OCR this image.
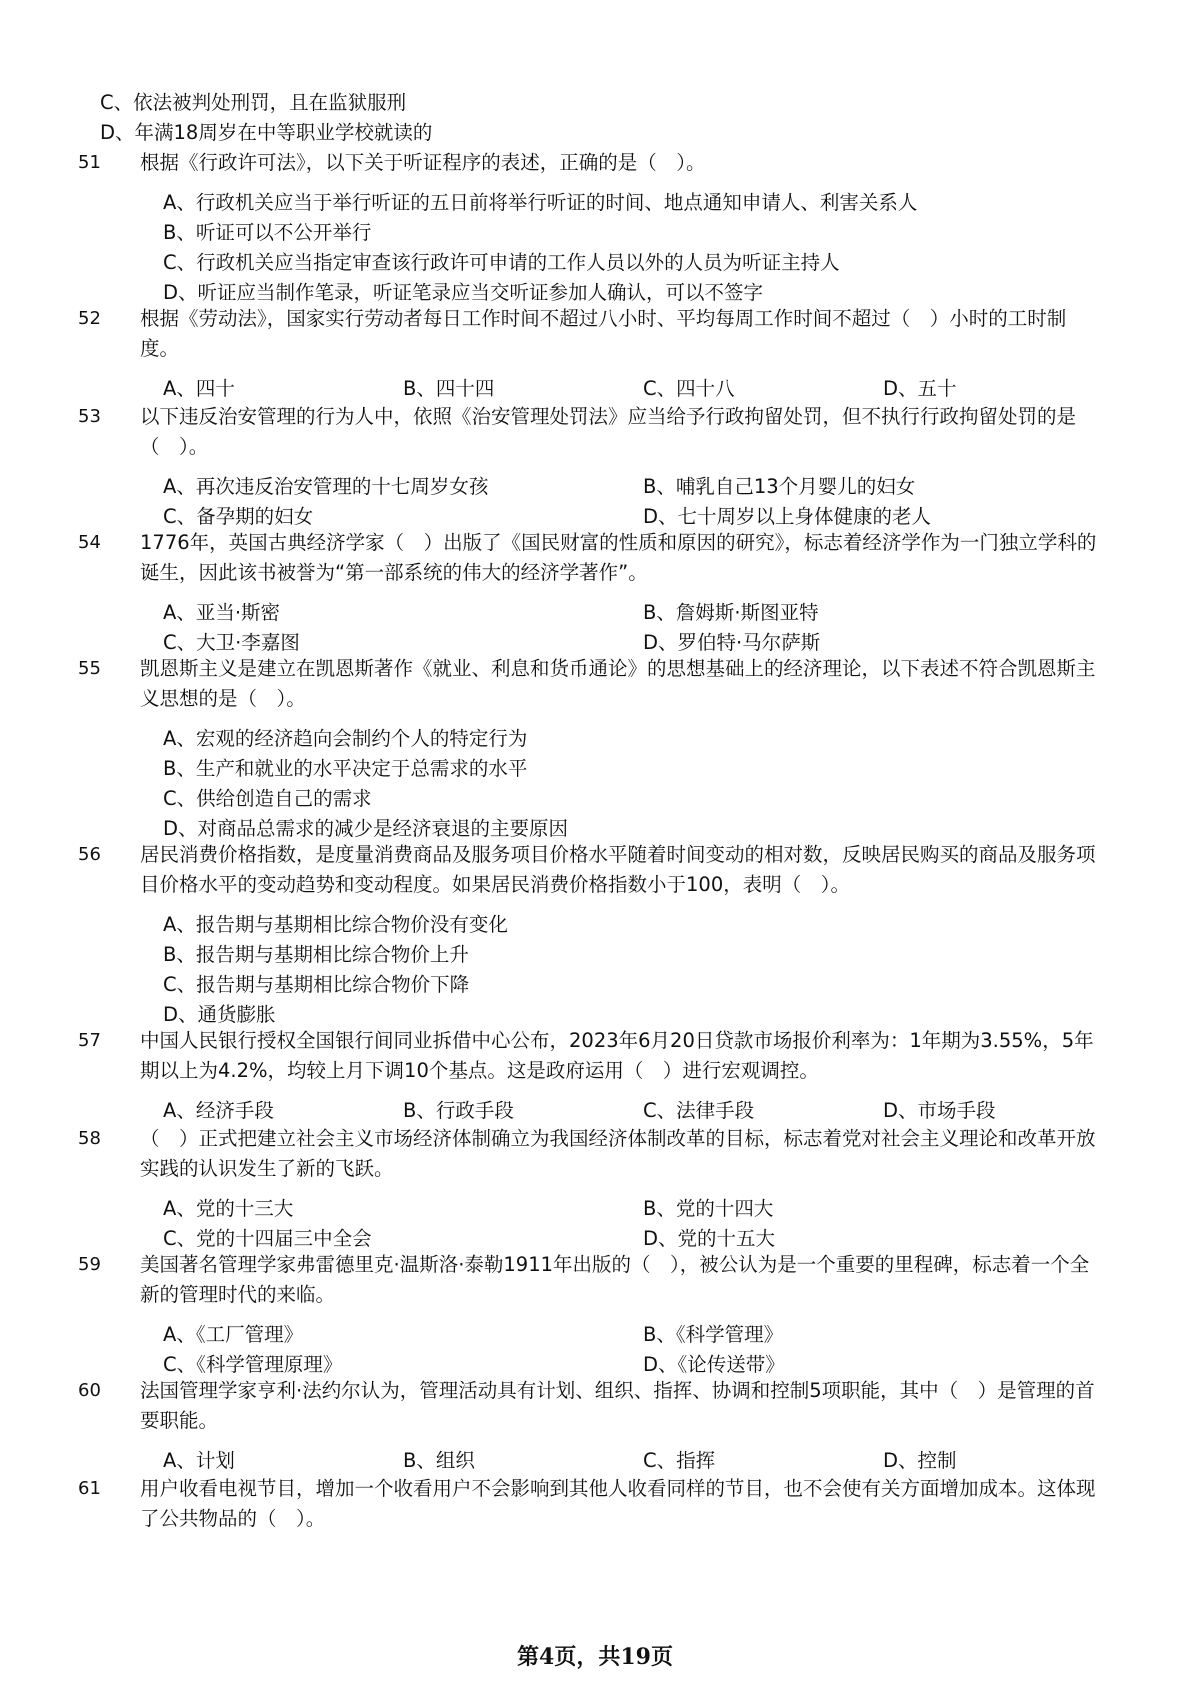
C、依法被判处刑罚，且在监狱服刑
D、年满18周岁在中等职业学校就读的
51	根据《行政许可法》，以下关于听证程序的表述，正确的是（　）。
A、行政机关应当于举行听证的五日前将举行听证的时间、地点通知申请人、利害关系人
B、听证可以不公开举行
C、行政机关应当指定审查该行政许可申请的工作人员以外的人员为听证主持人
D、听证应当制作笔录，听证笔录应当交听证参加人确认，可以不签字
52	根据《劳动法》，国家实行劳动者每日工作时间不超过八小时、平均每周工作时间不超过（　）小时的工时制度。
A、四十	B、四十四	C、四十八	D、五十
53	以下违反治安管理的行为人中，依照《治安管理处罚法》应当给予行政拘留处罚，但不执行行政拘留处罚的是（　）。
A、再次违反治安管理的十七周岁女孩	B、哺乳自己13个月婴儿的妇女
C、备孕期的妇女	D、七十周岁以上身体健康的老人
54	1776年，英国古典经济学家（　）出版了《国民财富的性质和原因的研究》，标志着经济学作为一门独立学科的诞生，因此该书被誉为“第一部系统的伟大的经济学著作”。
A、亚当·斯密	B、詹姆斯·斯图亚特
C、大卫·李嘉图	D、罗伯特·马尔萨斯
55	凯恩斯主义是建立在凯恩斯著作《就业、利息和货币通论》的思想基础上的经济理论，以下表述不符合凯恩斯主义思想的是（　）。
A、宏观的经济趋向会制约个人的特定行为
B、生产和就业的水平决定于总需求的水平
C、供给创造自己的需求
D、对商品总需求的减少是经济衰退的主要原因
56	居民消费价格指数，是度量消费商品及服务项目价格水平随着时间变动的相对数，反映居民购买的商品及服务项目价格水平的变动趋势和变动程度。如果居民消费价格指数小于100，表明（　）。
A、报告期与基期相比综合物价没有变化
B、报告期与基期相比综合物价上升
C、报告期与基期相比综合物价下降
D、通货膨胀
57	中国人民银行授权全国银行间同业拆借中心公布，2023年6月20日贷款市场报价利率为：1年期为3.55%，5年期以上为4.2%，均较上月下调10个基点。这是政府运用（　）进行宏观调控。
A、经济手段	B、行政手段	C、法律手段	D、市场手段
58	（　）正式把建立社会主义市场经济体制确立为我国经济体制改革的目标，标志着党对社会主义理论和改革开放实践的认识发生了新的飞跃。
A、党的十三大	B、党的十四大
C、党的十四届三中全会	D、党的十五大
59	美国著名管理学家弗雷德里克·温斯洛·泰勒1911年出版的（　），被公认为是一个重要的里程碑，标志着一个全新的管理时代的来临。
A、《工厂管理》	B、《科学管理》
C、《科学管理原理》	D、《论传送带》
60	法国管理学家亨利·法约尔认为，管理活动具有计划、组织、指挥、协调和控制5项职能，其中（　）是管理的首要职能。
A、计划	B、组织	C、指挥	D、控制
61	用户收看电视节目，增加一个收看用户不会影响到其他人收看同样的节目，也不会使有关方面增加成本。这体现了公共物品的（　）。
第4页，共19页
